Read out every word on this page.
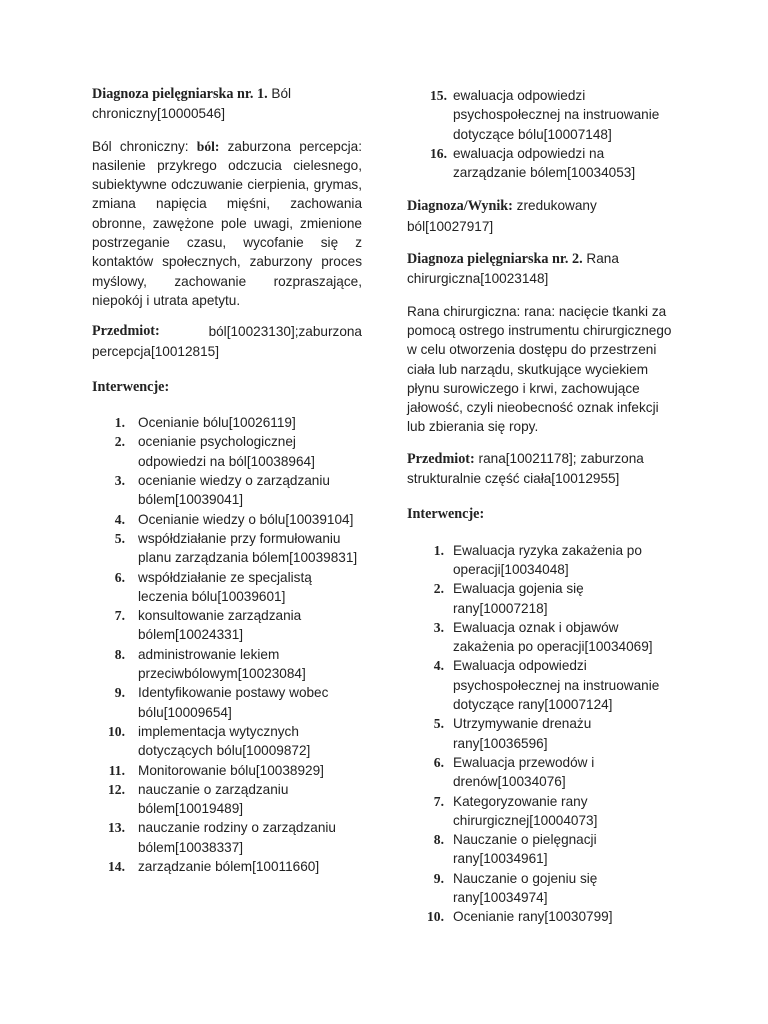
Diagnoza pielęgniarska nr. 1. Ból chroniczny[10000546]

Ból chroniczny: ból: zaburzona percepcja: nasilenie przykrego odczucia cielesnego, subiektywne odczuwanie cierpienia, grymas, zmiana napięcia mięśni, zachowania obronne, zawężone pole uwagi, zmienione postrzeganie czasu, wycofanie się z kontaktów społecznych, zaburzony proces myślowy, zachowanie rozpraszające, niepokój i utrata apetytu.

Przedmiot:	ból[10023130];zaburzona
percepcja[10012815]

Interwencje:

1. Ocenianie bólu[10026119]
2. ocenianie psychologicznej odpowiedzi na ból[10038964]
3. ocenianie wiedzy o zarządzaniu bólem[10039041]
4. Ocenianie wiedzy o bólu[10039104]
5. współdziałanie przy formułowaniu planu zarządzania bólem[10039831]
6. współdziałanie ze specjalistą leczenia bólu[10039601]
7. konsultowanie zarządzania bólem[10024331]
8. administrowanie lekiem przeciwbólowym[10023084]
9. Identyfikowanie postawy wobec bólu[10009654]
10. implementacja wytycznych dotyczących bólu[10009872]
11. Monitorowanie bólu[10038929]
12. nauczanie o zarządzaniu bólem[10019489]
13. nauczanie rodziny o zarządzaniu bólem[10038337]
14. zarządzanie bólem[10011660]
15. ewaluacja odpowiedzi psychospołecznej na instruowanie dotyczące bólu[10007148]
16. ewaluacja odpowiedzi na zarządzanie bólem[10034053]

Diagnoza/Wynik: zredukowany ból[10027917]

Diagnoza pielęgniarska nr. 2. Rana chirurgiczna[10023148]

Rana chirurgiczna: rana: nacięcie tkanki za pomocą ostrego instrumentu chirurgicznego w celu otworzenia dostępu do przestrzeni ciała lub narządu, skutkujące wyciekiem płynu surowiczego i krwi, zachowujące jałowość, czyli nieobecność oznak infekcji lub zbierania się ropy.

Przedmiot: rana[10021178]; zaburzona strukturalnie część ciała[10012955]

Interwencje:

1. Ewaluacja ryzyka zakażenia po operacji[10034048]
2. Ewaluacja gojenia się rany[10007218]
3. Ewaluacja oznak i objawów zakażenia po operacji[10034069]
4. Ewaluacja odpowiedzi psychospołecznej na instruowanie dotyczące rany[10007124]
5. Utrzymywanie drenażu rany[10036596]
6. Ewaluacja przewodów i drenów[10034076]
7. Kategoryzowanie rany chirurgicznej[10004073]
8. Nauczanie o pielęgnacji rany[10034961]
9. Nauczanie o gojeniu się rany[10034974]
10. Ocenianie rany[10030799]
